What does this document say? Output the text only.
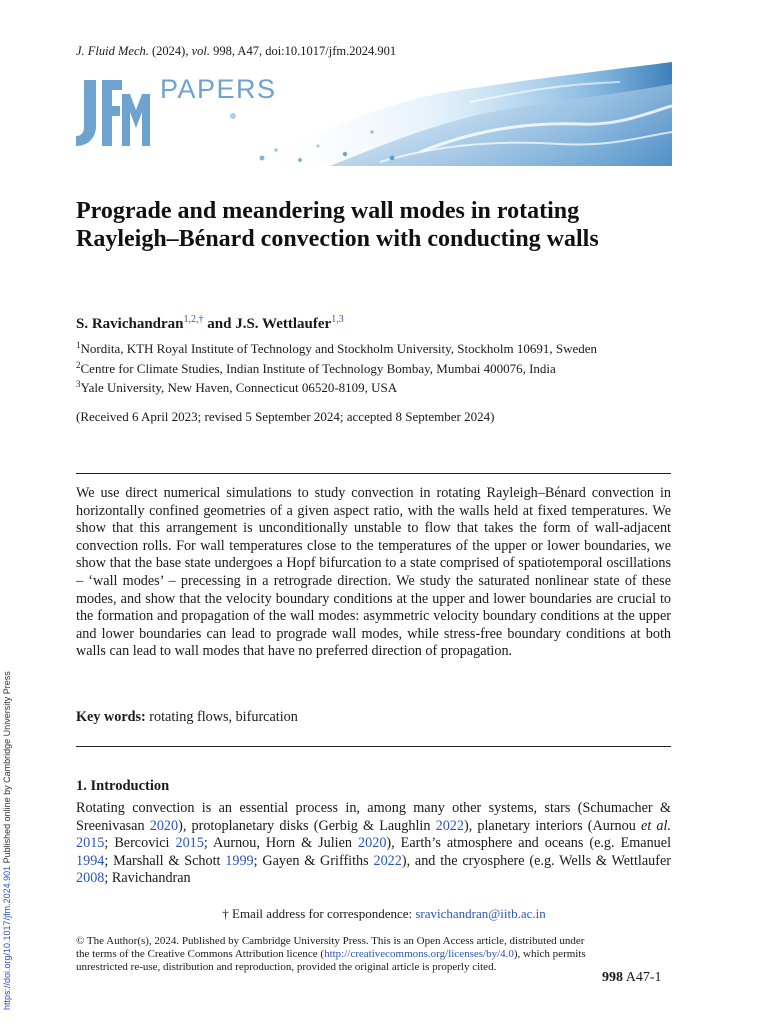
J. Fluid Mech. (2024), vol. 998, A47, doi:10.1017/jfm.2024.901
PAPERS
Prograde and meandering wall modes in rotating Rayleigh–Bénard convection with conducting walls
S. Ravichandran$^{1,2,\dagger}$ and J.S. Wettlaufer$^{1,3}$
$^1$Nordita, KTH Royal Institute of Technology and Stockholm University, Stockholm 10691, Sweden
$^2$Centre for Climate Studies, Indian Institute of Technology Bombay, Mumbai 400076, India
$^3$Yale University, New Haven, Connecticut 06520-8109, USA
(Received 6 April 2023; revised 5 September 2024; accepted 8 September 2024)
We use direct numerical simulations to study convection in rotating Rayleigh–Bénard convection in horizontally confined geometries of a given aspect ratio, with the walls held at fixed temperatures. We show that this arrangement is unconditionally unstable to flow that takes the form of wall-adjacent convection rolls. For wall temperatures close to the temperatures of the upper or lower boundaries, we show that the base state undergoes a Hopf bifurcation to a state comprised of spatiotemporal oscillations – ‘wall modes’ – precessing in a retrograde direction. We study the saturated nonlinear state of these modes, and show that the velocity boundary conditions at the upper and lower boundaries are crucial to the formation and propagation of the wall modes: asymmetric velocity boundary conditions at the upper and lower boundaries can lead to prograde wall modes, while stress-free boundary conditions at both walls can lead to wall modes that have no preferred direction of propagation.
Key words: rotating flows, bifurcation
1. Introduction
Rotating convection is an essential process in, among many other systems, stars (Schumacher & Sreenivasan 2020), protoplanetary disks (Gerbig & Laughlin 2022), planetary interiors (Aurnou et al. 2015; Bercovici 2015; Aurnou, Horn & Julien 2020), Earth’s atmosphere and oceans (e.g. Emanuel 1994; Marshall & Schott 1999; Gayen & Griffiths 2022), and the cryosphere (e.g. Wells & Wettlaufer 2008; Ravichandran
† Email address for correspondence: sravichandran@iitb.ac.in
© The Author(s), 2024. Published by Cambridge University Press. This is an Open Access article, distributed under the terms of the Creative Commons Attribution licence (http://creativecommons.org/licenses/by/4.0), which permits unrestricted re-use, distribution and reproduction, provided the original article is properly cited.
998 A47-1
https://doi.org/10.1017/jfm.2024.901 Published online by Cambridge University Press
